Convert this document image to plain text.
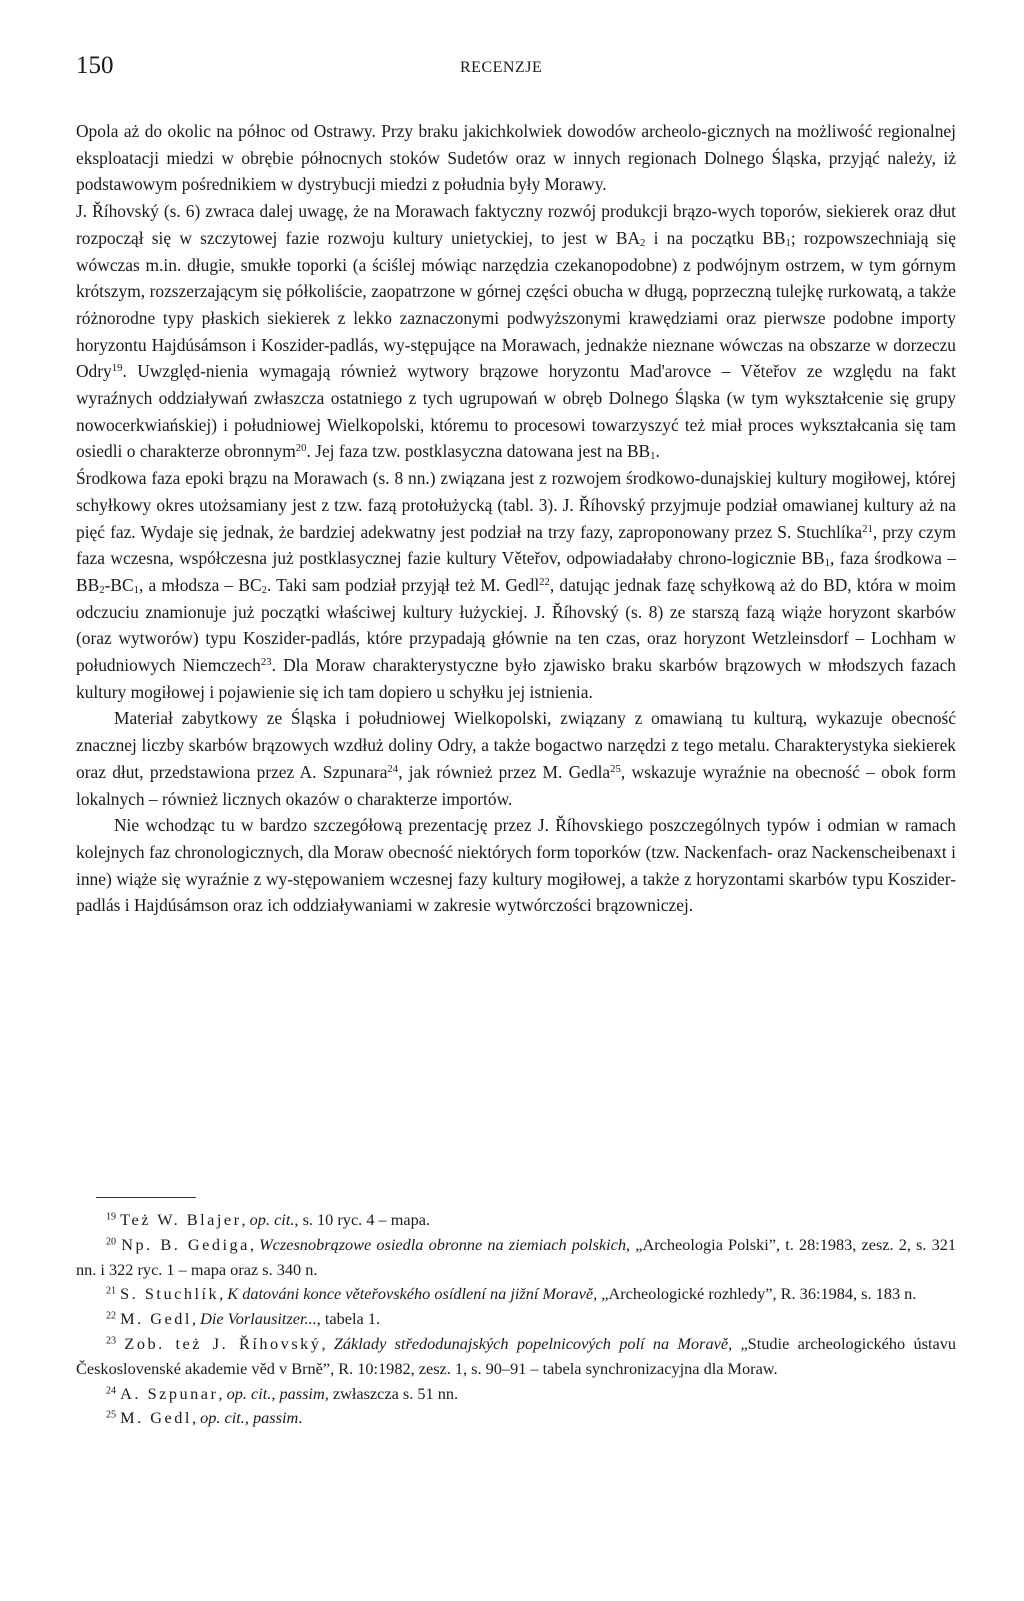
150	RECENZJE

Opola aż do okolic na północ od Ostrawy. Przy braku jakichkolwiek dowodów archeolo-gicznych na możliwość regionalnej eksploatacji miedzi w obrębie północnych stoków Sudetów oraz w innych regionach Dolnego Śląska, przyjąć należy, iż podstawowym pośrednikiem w dystrybucji miedzi z południa były Morawy.

J. Říhovský (s. 6) zwraca dalej uwagę, że na Morawach faktyczny rozwój produkcji brązo-wych toporów, siekierek oraz dłut rozpoczął się w szczytowej fazie rozwoju kultury unietyckiej, to jest w $BA_2$ i na początku $BB_1$; rozpowszechniają się wówczas m.in. długie, smukłe toporki (a ściślej mówiąc narzędzia czekanopodobne) z podwójnym ostrzem, w tym górnym krótszym, rozszerzającym się półkoliście, zaopatrzone w górnej części obucha w długą, poprzeczną tulejkę rurkowatą, a także różnorodne typy płaskich siekierek z lekko zaznaczonymi podwyższonymi krawędziami oraz pierwsze podobne importy horyzontu Hajdúsámson i Koszider-padlás, wy-stępujące na Morawach, jednakże nieznane wówczas na obszarze w dorzeczu Odry$^{19}$. Uwzględ-nienia wymagają również wytwory brązowe horyzontu Mad'arovce – Věteřov ze względu na fakt wyraźnych oddziaływań zwłaszcza ostatniego z tych ugrupowań w obręb Dolnego Śląska (w tym wykształcenie się grupy nowocerkwiańskiej) i południowej Wielkopolski, któremu to procesowi towarzyszyć też miał proces wykształcania się tam osiedli o charakterze obronnym$^{20}$. Jej faza tzw. postklasyczna datowana jest na $BB_1$.

Środkowa faza epoki brązu na Morawach (s. 8 nn.) związana jest z rozwojem środkowo-dunajskiej kultury mogiłowej, której schyłkowy okres utożsamiany jest z tzw. fazą protołużycką (tabl. 3). J. Říhovský przyjmuje podział omawianej kultury aż na pięć faz. Wydaje się jednak, że bardziej adekwatny jest podział na trzy fazy, zaproponowany przez S. Stuchlíka$^{21}$, przy czym faza wczesna, współczesna już postklasycznej fazie kultury Věteřov, odpowiadałaby chrono-logicznie $BB_1$, faza środkowa – $BB_2-BC_1$, a młodsza – $BC_2$. Taki sam podział przyjął też M. Gedl$^{22}$, datując jednak fazę schyłkową aż do BD, która w moim odczuciu znamionuje już początki właściwej kultury łużyckiej. J. Říhovský (s. 8) ze starszą fazą wiąże horyzont skarbów (oraz wytworów) typu Koszider-padlás, które przypadają głównie na ten czas, oraz horyzont Wetzleinsdorf – Lochham w południowych Niemczech$^{23}$. Dla Moraw charakterystyczne było zjawisko braku skarbów brązowych w młodszych fazach kultury mogiłowej i pojawienie się ich tam dopiero u schyłku jej istnienia.

Materiał zabytkowy ze Śląska i południowej Wielkopolski, związany z omawianą tu kulturą, wykazuje obecność znacznej liczby skarbów brązowych wzdłuż doliny Odry, a także bogactwo narzędzi z tego metalu. Charakterystyka siekierek oraz dłut, przedstawiona przez A. Szpunara$^{24}$, jak również przez M. Gedla$^{25}$, wskazuje wyraźnie na obecność – obok form lokalnych – również licznych okazów o charakterze importów.

Nie wchodząc tu w bardzo szczegółową prezentację przez J. Říhovskiego poszczególnych typów i odmian w ramach kolejnych faz chronologicznych, dla Moraw obecność niektórych form toporków (tzw. Nackenfach- oraz Nackenscheibenaxt i inne) wiąże się wyraźnie z wy-stępowaniem wczesnej fazy kultury mogiłowej, a także z horyzontami skarbów typu Koszider-padlás i Hajdúsámson oraz ich oddziaływaniami w zakresie wytwórczości brązowniczej.

$^{19}$ Też W. Blajer, op. cit., s. 10 ryc. 4 – mapa.

$^{20}$ Np. B. Gediga, Wczesnobrązowe osiedla obronne na ziemiach polskich, „Archeologia Polski”, t. 28:1983, zesz. 2, s. 321 nn. i 322 ryc. 1 – mapa oraz s. 340 n.

$^{21}$ S. Stuchlík, K datováni konce věteřovského osídlení na jižní Moravě, „Archeologické rozhledy”, R. 36:1984, s. 183 n.

$^{22}$ M. Gedl, Die Vorlausitzer..., tabela 1.

$^{23}$ Zob. też J. Říhovský, Základy středodunajských popelnicových polí na Moravě, „Studie archeologického ústavu Československé akademie věd v Brně”, R. 10:1982, zesz. 1, s. 90–91 – tabela synchronizacyjna dla Moraw.

$^{24}$ A. Szpunar, op. cit., passim, zwłaszcza s. 51 nn.

$^{25}$ M. Gedl, op. cit., passim.
